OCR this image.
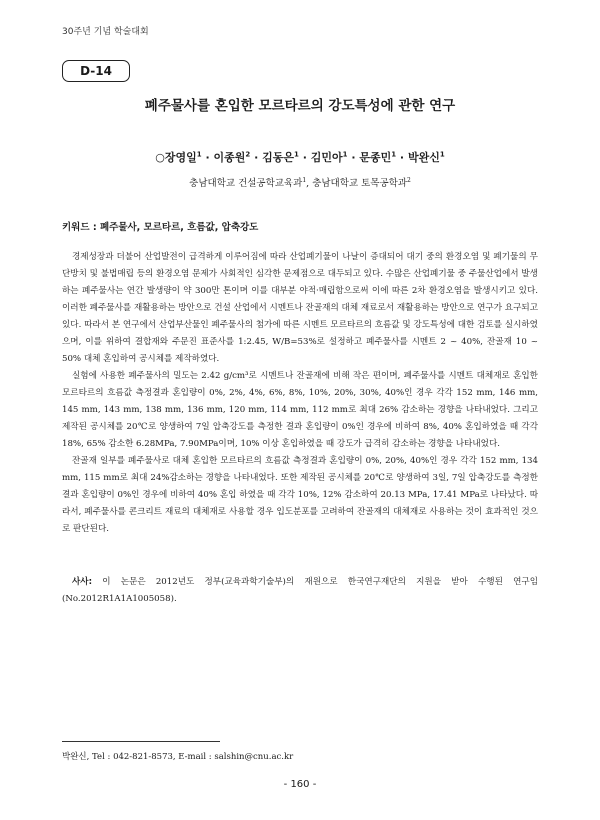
30주년 기념 학술대회
D-14
폐주물사를 혼입한 모르타르의 강도특성에 관한 연구
○장영일$^1$ · 이종원$^2$ · 김동은$^1$ · 김민아$^1$ · 문종민$^1$ · 박완신$^1$
충남대학교 건설공학교육과$^1$, 충남대학교 토목공학과$^2$
키워드 : 폐주물사, 모르타르, 흐름값, 압축강도

경제성장과 더불어 산업발전이 급격하게 이루어짐에 따라 산업폐기물이 나날이 증대되어 대기 중의 환경오염 및 폐기물의 무단방치 및 불법매립 등의 환경오염 문제가 사회적인 심각한 문제점으로 대두되고 있다. 수많은 산업폐기물 중 주물산업에서 발생하는 폐주물사는 연간 발생량이 약 300만 톤이며 이를 대부분 야적·매립함으로써 이에 따른 2차 환경오염을 발생시키고 있다. 이러한 폐주물사를 재활용하는 방안으로 건설 산업에서 시멘트나 잔골재의 대체 재료로서 재활용하는 방안으로 연구가 요구되고 있다. 따라서 본 연구에서 산업부산물인 폐주물사의 첨가에 따른 시멘트 모르타르의 흐름값 및 강도특성에 대한 검토를 실시하였으며, 이를 위하여 결합재와 주문진 표준사를 1:2.45, W/B=53%로 설정하고 폐주물사를 시멘트 2 ~ 40%, 잔골재 10 ~ 50% 대체 혼입하여 공시체를 제작하였다.

실험에 사용한 폐주물사의 밀도는 2.42 g/cm³로 시멘트나 잔골재에 비해 작은 편이며, 폐주물사를 시멘트 대체재로 혼입한 모르타르의 흐름값 측정결과 혼입량이 0%, 2%, 4%, 6%, 8%, 10%, 20%, 30%, 40%인 경우 각각 152 mm, 146 mm, 145 mm, 143 mm, 138 mm, 136 mm, 120 mm, 114 mm, 112 mm로 최대 26% 감소하는 경향을 나타내었다. 그리고 제작된 공시체를 20℃로 양생하여 7일 압축강도를 측정한 결과 혼입량이 0%인 경우에 비하여 8%, 40% 혼입하였을 때 각각 18%, 65% 감소한 6.28MPa, 7.90MPa이며, 10% 이상 혼입하였을 때 강도가 급격히 감소하는 경향을 나타내었다.

잔골재 일부를 폐주물사로 대체 혼입한 모르타르의 흐름값 측정결과 혼입량이 0%, 20%, 40%인 경우 각각 152 mm, 134 mm, 115 mm로 최대 24%감소하는 경향을 나타내었다. 또한 제작된 공시체를 20℃로 양생하여 3일, 7일 압축강도를 측정한 결과 혼입량이 0%인 경우에 비하여 40% 혼입 하였을 때 각각 10%, 12% 감소하여 20.13 MPa, 17.41 MPa로 나타났다. 따라서, 폐주물사를 콘크리트 재료의 대체재로 사용할 경우 입도분포를 고려하여 잔골재의 대체재로 사용하는 것이 효과적인 것으로 판단된다.

사사: 이 논문은 2012년도 정부(교육과학기술부)의 재원으로 한국연구재단의 지원을 받아 수행된 연구임(No.2012R1A1A1005058).
박완신, Tel : 042-821-8573, E-mail : salshin@cnu.ac.kr
- 160 -
